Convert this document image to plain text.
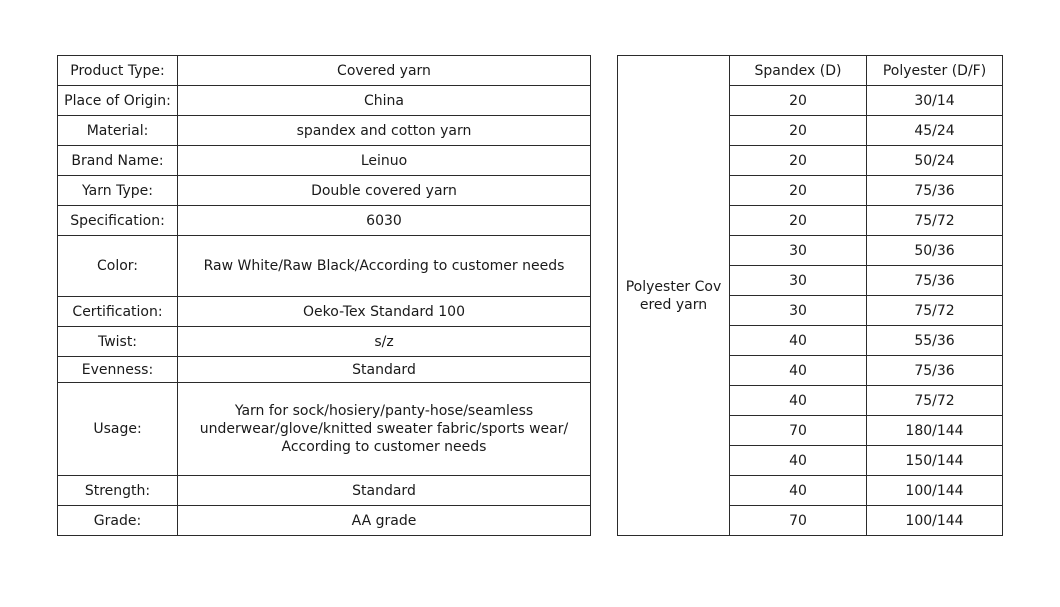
Product Type:	Covered yarn
Place of Origin:	China
Material:	spandex and cotton yarn
Brand Name:	Leinuo
Yarn Type:	Double covered yarn
Specification:	6030
Color:	Raw White/Raw Black/According to customer needs
Certification:	Oeko-Tex Standard 100
Twist:	s/z
Evenness:	Standard
Usage:	Yarn for sock/hosiery/panty-hose/seamless
underwear/glove/knitted sweater fabric/sports wear/
According to customer needs
Strength:	Standard
Grade:	AA grade
Polyester Covered yarn	Spandex (D)	Polyester (D/F)
	20	30/14
	20	45/24
	20	50/24
	20	75/36
	20	75/72
	30	50/36
	30	75/36
	30	75/72
	40	55/36
	40	75/36
	40	75/72
	70	180/144
	40	150/144
	40	100/144
	70	100/144
